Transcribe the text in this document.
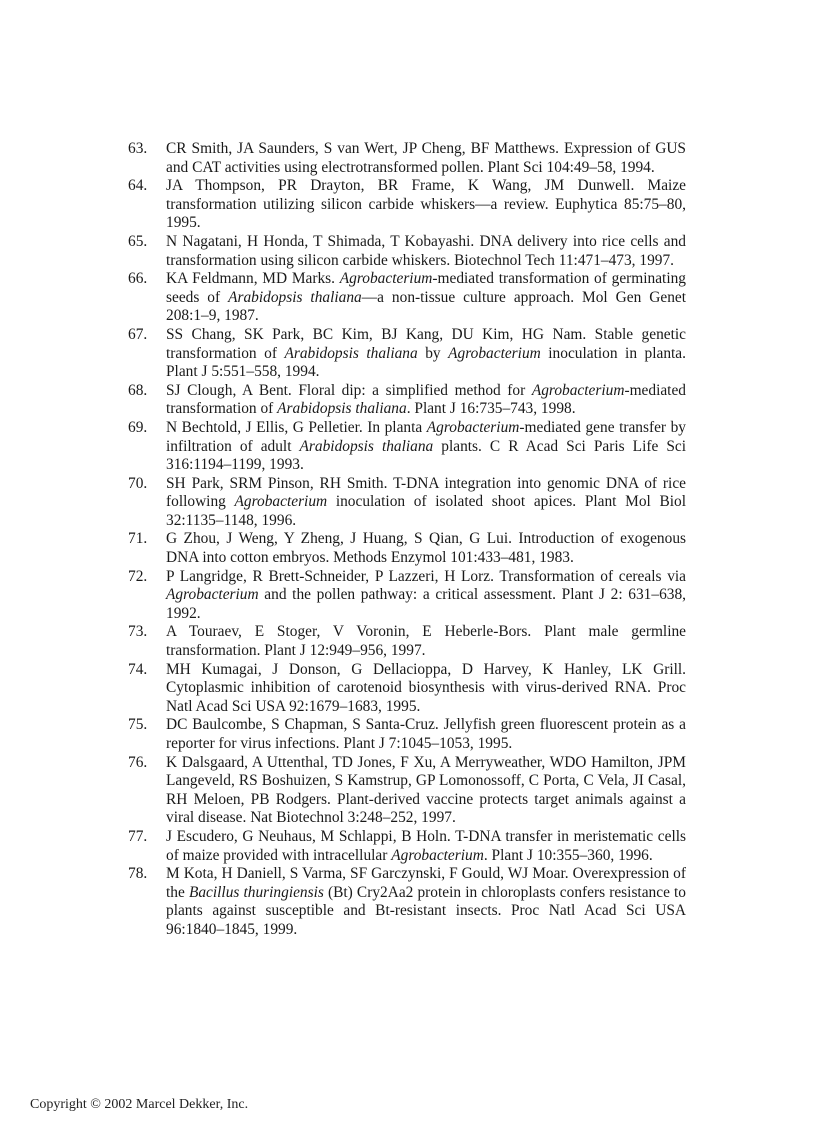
63.	CR Smith, JA Saunders, S van Wert, JP Cheng, BF Matthews. Expression of GUS and CAT activities using electrotransformed pollen. Plant Sci 104:49–58, 1994.
64.	JA Thompson, PR Drayton, BR Frame, K Wang, JM Dunwell. Maize transformation utilizing silicon carbide whiskers—a review. Euphytica 85:75–80, 1995.
65.	N Nagatani, H Honda, T Shimada, T Kobayashi. DNA delivery into rice cells and transformation using silicon carbide whiskers. Biotechnol Tech 11:471–473, 1997.
66.	KA Feldmann, MD Marks. Agrobacterium-mediated transformation of germinating seeds of Arabidopsis thaliana—a non-tissue culture approach. Mol Gen Genet 208:1–9, 1987.
67.	SS Chang, SK Park, BC Kim, BJ Kang, DU Kim, HG Nam. Stable genetic transformation of Arabidopsis thaliana by Agrobacterium inoculation in planta. Plant J 5:551–558, 1994.
68.	SJ Clough, A Bent. Floral dip: a simplified method for Agrobacterium-mediated transformation of Arabidopsis thaliana. Plant J 16:735–743, 1998.
69.	N Bechtold, J Ellis, G Pelletier. In planta Agrobacterium-mediated gene transfer by infiltration of adult Arabidopsis thaliana plants. C R Acad Sci Paris Life Sci 316:1194–1199, 1993.
70.	SH Park, SRM Pinson, RH Smith. T-DNA integration into genomic DNA of rice following Agrobacterium inoculation of isolated shoot apices. Plant Mol Biol 32:1135–1148, 1996.
71.	G Zhou, J Weng, Y Zheng, J Huang, S Qian, G Lui. Introduction of exogenous DNA into cotton embryos. Methods Enzymol 101:433–481, 1983.
72.	P Langridge, R Brett-Schneider, P Lazzeri, H Lorz. Transformation of cereals via Agrobacterium and the pollen pathway: a critical assessment. Plant J 2: 631–638, 1992.
73.	A Touraev, E Stoger, V Voronin, E Heberle-Bors. Plant male germline transformation. Plant J 12:949–956, 1997.
74.	MH Kumagai, J Donson, G Dellacioppa, D Harvey, K Hanley, LK Grill. Cytoplasmic inhibition of carotenoid biosynthesis with virus-derived RNA. Proc Natl Acad Sci USA 92:1679–1683, 1995.
75.	DC Baulcombe, S Chapman, S Santa-Cruz. Jellyfish green fluorescent protein as a reporter for virus infections. Plant J 7:1045–1053, 1995.
76.	K Dalsgaard, A Uttenthal, TD Jones, F Xu, A Merryweather, WDO Hamilton, JPM Langeveld, RS Boshuizen, S Kamstrup, GP Lomonossoff, C Porta, C Vela, JI Casal, RH Meloen, PB Rodgers. Plant-derived vaccine protects target animals against a viral disease. Nat Biotechnol 3:248–252, 1997.
77.	J Escudero, G Neuhaus, M Schlappi, B Holn. T-DNA transfer in meristematic cells of maize provided with intracellular Agrobacterium. Plant J 10:355–360, 1996.
78.	M Kota, H Daniell, S Varma, SF Garczynski, F Gould, WJ Moar. Overexpression of the Bacillus thuringiensis (Bt) Cry2Aa2 protein in chloroplasts confers resistance to plants against susceptible and Bt-resistant insects. Proc Natl Acad Sci USA 96:1840–1845, 1999.
Copyright © 2002 Marcel Dekker, Inc.
